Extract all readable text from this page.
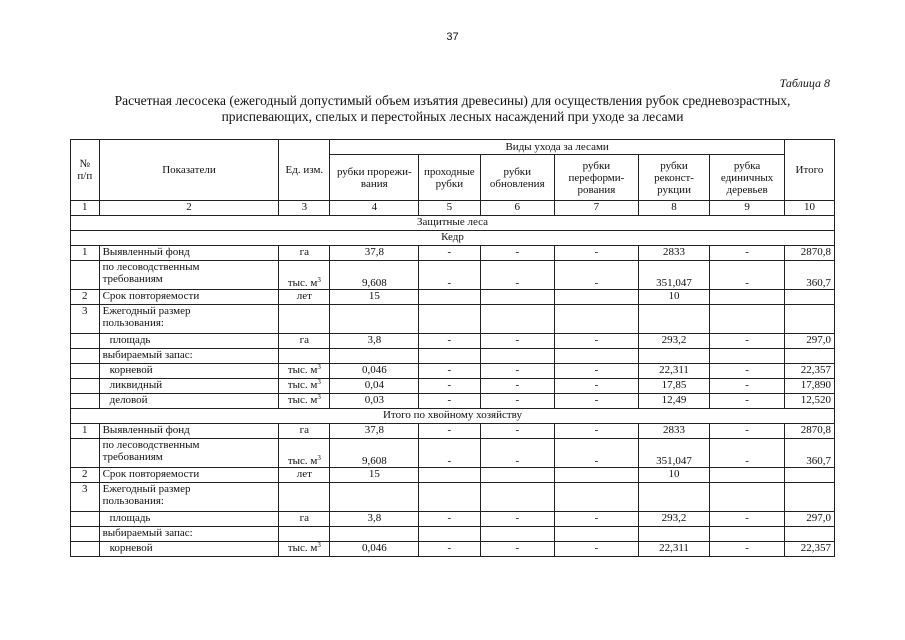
37
Таблица 8
Расчетная лесосека (ежегодный допустимый объем изъятия древесины) для осуществления рубок средневозрастных,
приспевающих, спелых и перестойных лесных насаждений при уходе за лесами
№ п/п	Показатели	Ед. изм.	Виды ухода за лесами						Итого
			рубки прорежи-вания	проходные рубки	рубки обновления	рубки переформи-рования	рубки реконст-рукции	рубка единичных деревьев	
1	2	3	4	5	6	7	8	9	10
Защитные леса									
Кедр									
1	Выявленный фонд	га	37,8	-	-	-	2833	-	2870,8
	по лесоводственным
требованиям	тыс. $м^3$	9,608	-	-	-	351,047	-	360,7
2	Срок повторяемости	лет	15				10		
3	Ежегодный размер
пользования:								
	площадь	га	3,8	-	-	-	293,2	-	297,0
	выбираемый запас:								
	корневой	тыс. $м^3$	0,046	-	-	-	22,311	-	22,357
	ликвидный	тыс. $м^3$	0,04	-	-	-	17,85	-	17,890
	деловой	тыс. $м^3$	0,03	-	-	-	12,49	-	12,520
Итого по хвойному хозяйству									
1	Выявленный фонд	га	37,8	-	-	-	2833	-	2870,8
	по лесоводственным
требованиям	тыс. $м^3$	9,608	-	-	-	351,047	-	360,7
2	Срок повторяемости	лет	15				10		
3	Ежегодный размер
пользования:								
	площадь	га	3,8	-	-	-	293,2	-	297,0
	выбираемый запас:								
	корневой	тыс. $м^3$	0,046	-	-	-	22,311	-	22,357
